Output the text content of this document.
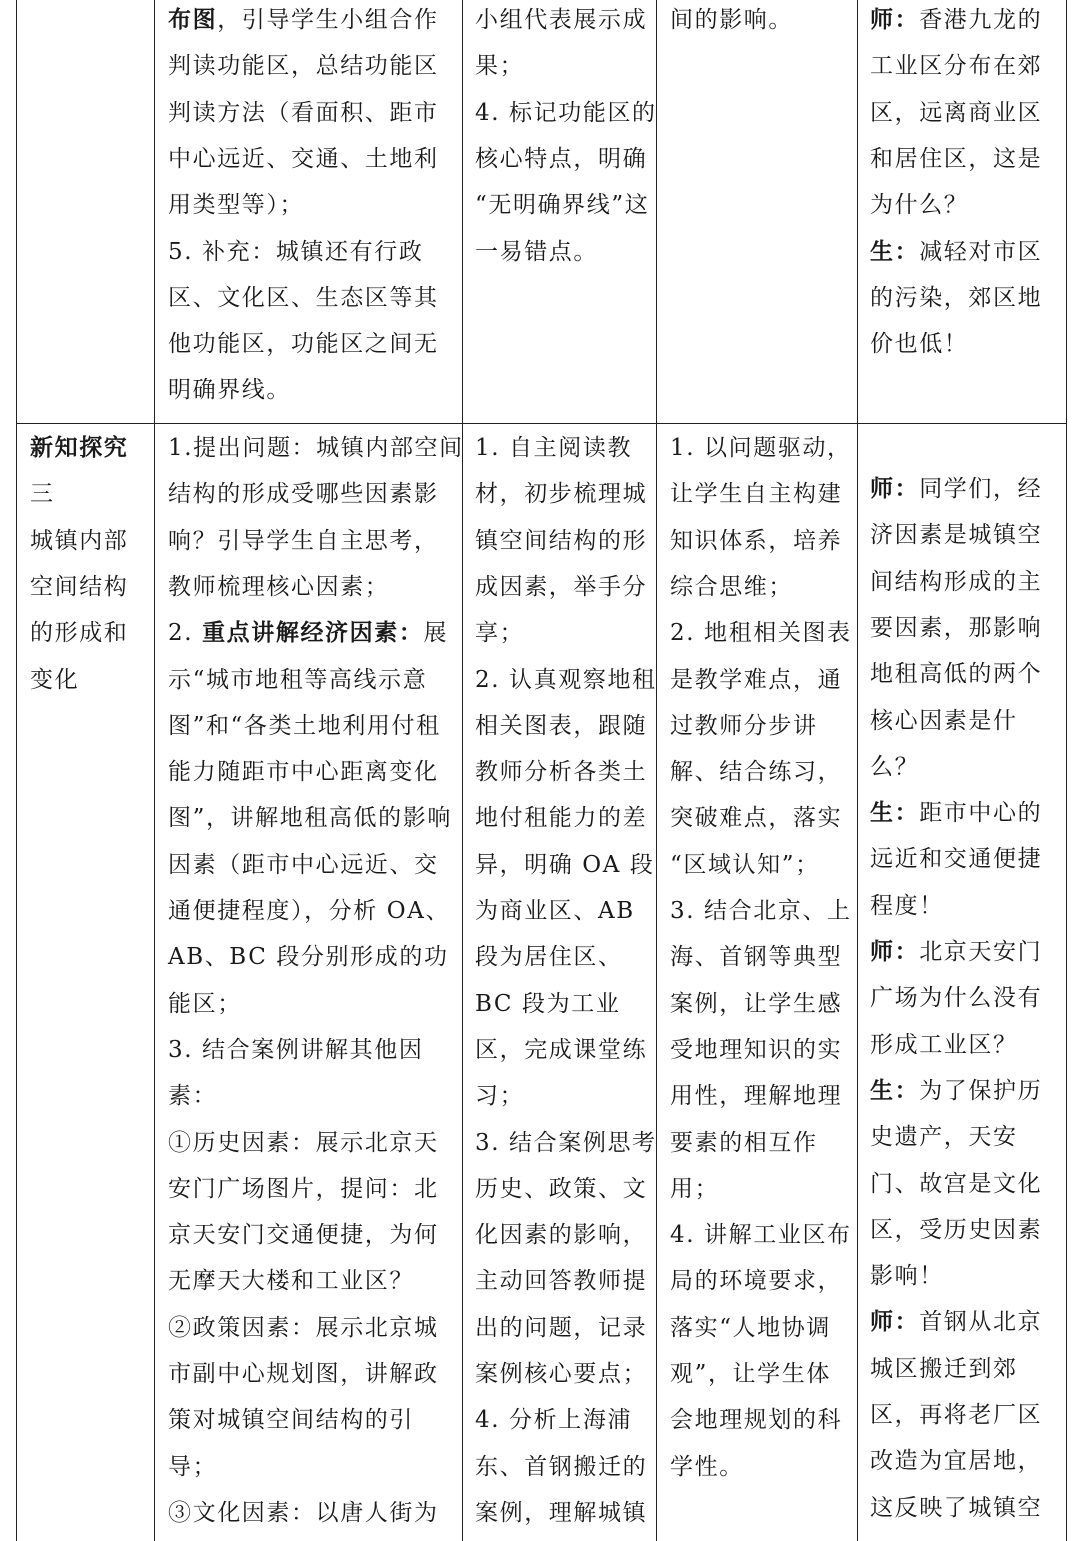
布图，引导学生小组合作
判读功能区，总结功能区
判读方法（看面积、距市
中心远近、交通、土地利
用类型等）；
5. 补充：城镇还有行政
区、文化区、生态区等其
他功能区，功能区之间无
明确界线。
小组代表展示成
果；
4. 标记功能区的
核心特点，明确
“无明确界线”这
一易错点。
间的影响。	师：香港九龙的
工业区分布在郊
区，远离商业区
和居住区，这是
为什么？
生：减轻对市区
的污染，郊区地
价也低！
新知探究
三
城镇内部
空间结构
的形成和
变化
1.提出问题：城镇内部空间
结构的形成受哪些因素影
响？引导学生自主思考，
教师梳理核心因素；
2. 重点讲解经济因素：展
示“城市地租等高线示意
图”和“各类土地利用付租
能力随距市中心距离变化
图”，讲解地租高低的影响
因素（距市中心远近、交
通便捷程度），分析 OA、
AB、BC 段分别形成的功
能区；
3. 结合案例讲解其他因
素：
①历史因素：展示北京天
安门广场图片，提问：北
京天安门交通便捷，为何
无摩天大楼和工业区？
②政策因素：展示北京城
市副中心规划图，讲解政
策对城镇空间结构的引
导；
③文化因素：以唐人街为
1. 自主阅读教
材，初步梳理城
镇空间结构的形
成因素，举手分
享；
2. 认真观察地租
相关图表，跟随
教师分析各类土
地付租能力的差
异，明确 OA 段
为商业区、AB
段为居住区、
BC 段为工业
区，完成课堂练
习；
3. 结合案例思考
历史、政策、文
化因素的影响，
主动回答教师提
出的问题，记录
案例核心要点；
4. 分析上海浦
东、首钢搬迁的
案例，理解城镇
1. 以问题驱动，
让学生自主构建
知识体系，培养
综合思维；
2. 地租相关图表
是教学难点，通
过教师分步讲
解、结合练习，
突破难点，落实
“区域认知”；
3. 结合北京、上
海、首钢等典型
案例，让学生感
受地理知识的实
用性，理解地理
要素的相互作
用；
4. 讲解工业区布
局的环境要求，
落实“人地协调
观”，让学生体
会地理规划的科
学性。
师：同学们，经
济因素是城镇空
间结构形成的主
要因素，那影响
地租高低的两个
核心因素是什
么？
生：距市中心的
远近和交通便捷
程度！
师：北京天安门
广场为什么没有
形成工业区？
生：为了保护历
史遗产，天安
门、故宫是文化
区，受历史因素
影响！
师：首钢从北京
城区搬迁到郊
区，再将老厂区
改造为宜居地，
这反映了城镇空
